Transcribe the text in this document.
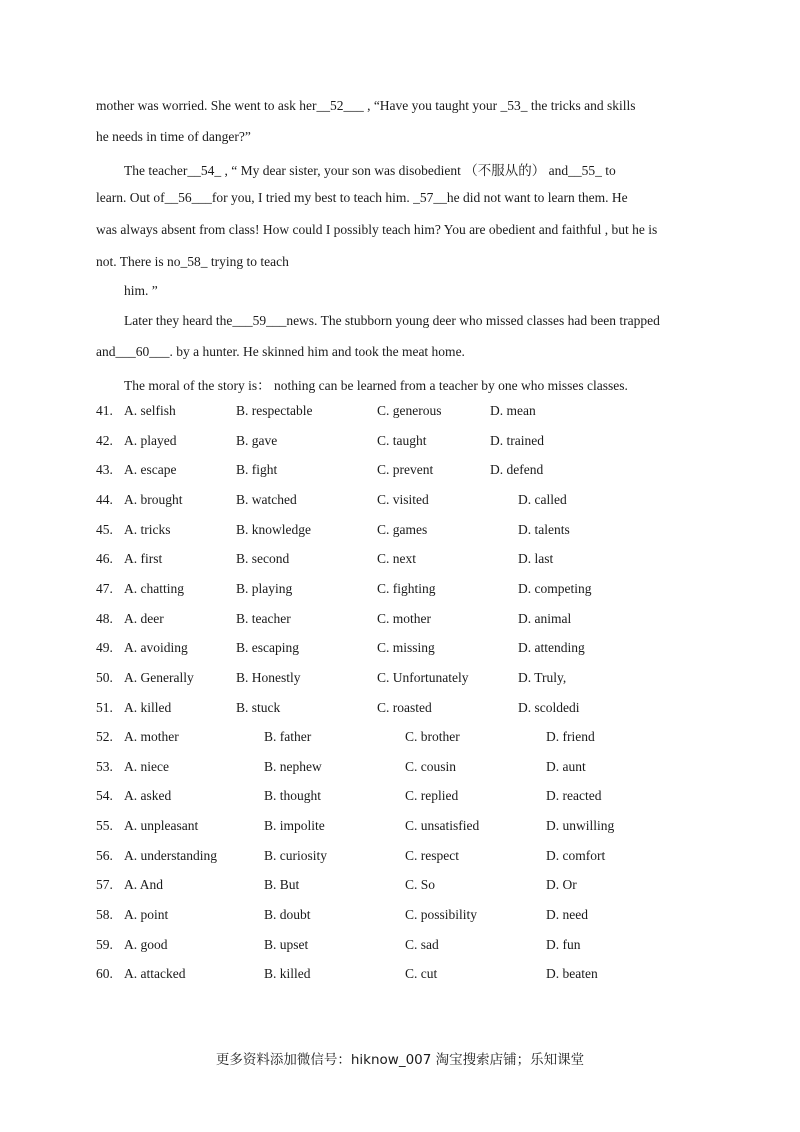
mother was worried. She went to ask her__52___ , “Have you taught your _53_ the tricks and skills
he needs in time of danger?”
The teacher__54_ , “ My dear sister, your son was disobedient （不服从的） and__55_ to
learn. Out of__56___for you, I tried my best to teach him. _57__he did not want to learn them. He
was always absent from class! How could I possibly teach him? You are obedient and faithful , but he is
not. There is no_58_ trying to teach
him. ”
Later they heard the___59___news. The stubborn young deer who missed classes had been trapped
and___60___. by a hunter. He skinned him and took the meat home.
The moral of the story is： nothing can be learned from a teacher by one who misses classes.
41. A. selfish	B. respectable	C. generous	D. mean
42. A. played	B. gave	C. taught	D. trained
43. A. escape	B. fight	C. prevent	D. defend
44. A. brought	B. watched	C. visited	D. called
45. A. tricks	B. knowledge	C. games	D. talents
46. A. first	B. second	C. next	D. last
47. A. chatting	B. playing	C. fighting	D. competing
48. A. deer	B. teacher	C. mother	D. animal
49. A. avoiding	B. escaping	C. missing	D. attending
50. A. Generally	B. Honestly	C. Unfortunately	D. Truly,
51. A. killed	B. stuck	C. roasted	D. scoldedi
52. A. mother	B. father	C. brother	D. friend
53. A. niece	B. nephew	C. cousin	D. aunt
54. A. asked	B. thought	C. replied	D. reacted
55. A. unpleasant	B. impolite	C. unsatisfied	D. unwilling
56. A. understanding	B. curiosity	C. respect	D. comfort
57. A. And	B. But	C. So	D. Or
58. A. point	B. doubt	C. possibility	D. need
59. A. good	B. upset	C. sad	D. fun
60. A. attacked	B. killed	C. cut	D. beaten
更多资料添加微信号：hiknow_007 淘宝搜索店铺；乐知课堂
